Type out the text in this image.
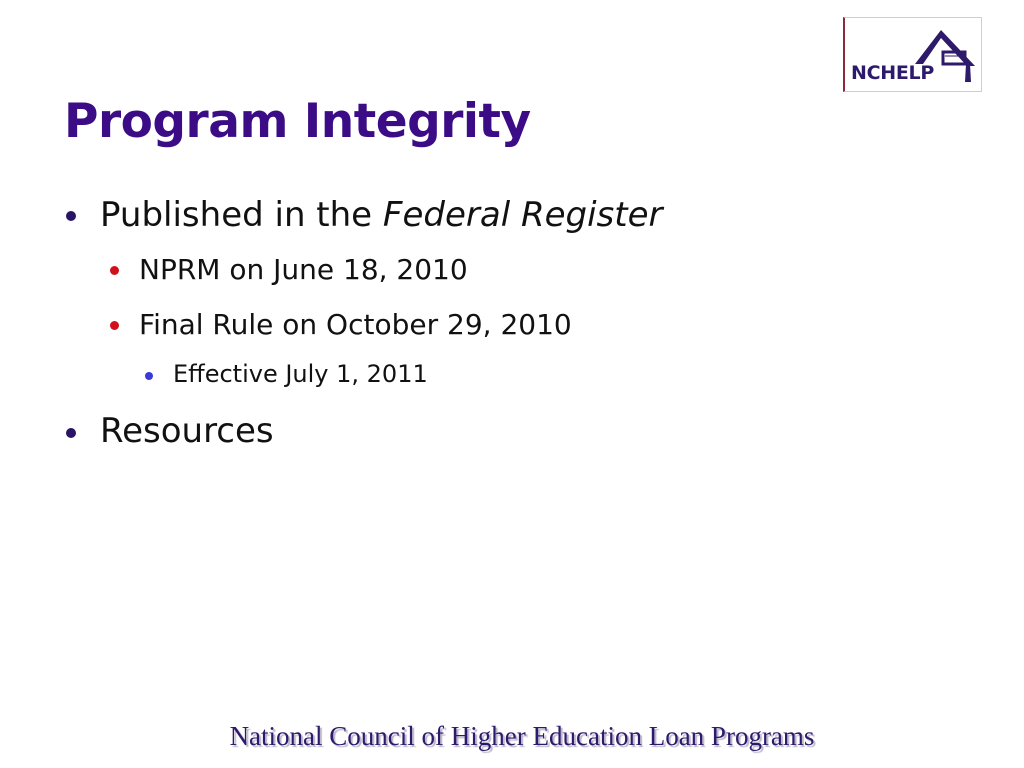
NCHELP
Program Integrity
Published in the Federal Register
NPRM on June 18, 2010
Final Rule on October 29, 2010
Effective July 1, 2011
Resources
National Council of Higher Education Loan Programs
